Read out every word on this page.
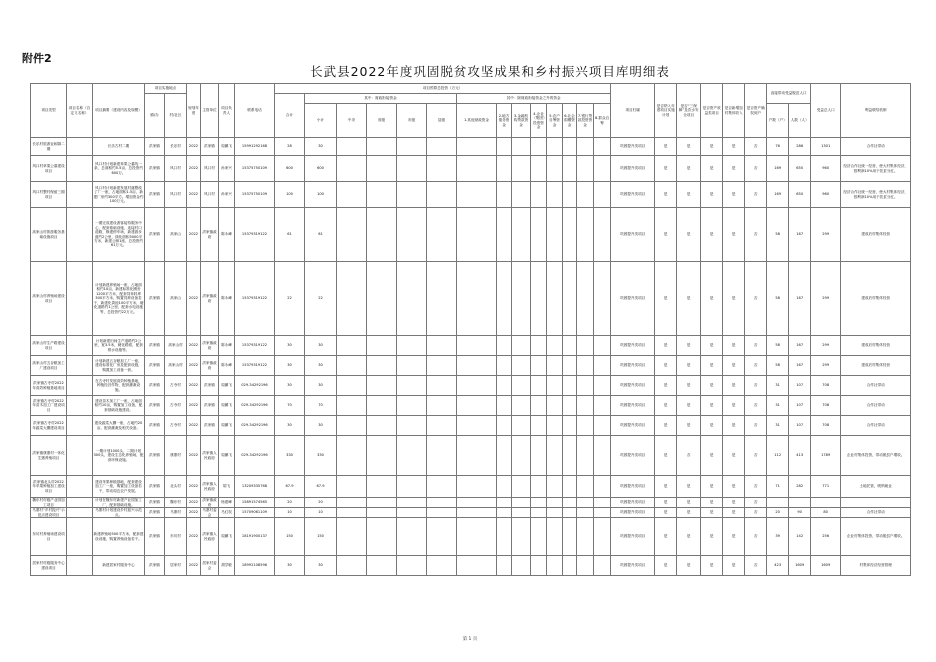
附件2
长武县2022年度巩固脱贫攻坚成果和乡村振兴项目库明细表
项目类型	项目名称（自定义名称）	项目摘要（建设内容及规模）	项目实施地点		规划年度	主管单位	项目负责人	联系电话	项目预算总投资（万元）														项目归属	是否纳入年度项目实施计划	是否“三保障”及饮水安全项目	是否资产收益类项目	是否新增加村集体收入	是否资产确权到户	直接带动受益脱贫人口		受益总人口	利益联结机制
			镇/办	村/社区					合计	其中：财政衔接资金					其中：除财政衔接资金之外的资金																	
										小计	中央	省级	市级	县级	1.其他财政资金	2.地方债务资金	3.金融机构贷款资金	4.企业（集团）投资资金	5.农户自筹资金	6.社会捐赠资金	7.银行贷款投资资金	8.群众自筹							户数（户）	人数（人）		
长乐村旅游业和隔二期		长乐古村二期	洪家镇	长乐村	2022	洪家镇	周鹏飞	15991292168	28	30													巩固提升类项目	是	是	是	是	否	76	286	1301	合作社带动
风口村草果公墓建设项目		风口村计划新建草果公墓线一条，总面积约5.5亩，总投资约600万。	洪家镇	风口村	2022	风口村	孙家兴	15375750109	600	600													巩固提升类项目	是	是	是	是	否	169	650	960	经济合作社统一经营，使大村集体经济，按利润10%用于扶贫分红。
风口村整村保留三期项目		风口村计划新建发展村落整改了厂一座，占地面积1.5亩，新建厂房约300平方。增加资金约100万元。	洪家镇	风口村	2022	风口村	孙家兴	15375750109	100	100													巩固提升类项目	是	是	是	是	否	169	650	960	经济合作社统一经营，使大村集体经济，按利润10%用于扶贫分红。
高家山村旅游服务基础设施项目		一期完成建设游客接待服务中心，配套基础设施，连接村口道路，修建停车场，新建游步道约2公里，绿化面积5000平方米，新建公厕1座，总投资约61万元。	洪家镇	高家山	2022	洪家镇政府	陈永峰	15379319122	61	61													巩固提升类项目	是	是	是	是	否	58	167	299	建成后村集体经营
高家山村养殖场建设项目		计划新建养殖场一座，占地面积约10亩，新建标准化圈舍1200平方米，配套饲草料库300平方米，购置饲养设备若干，新建化粪池100平方米，硬化道路约1公里，配套水电设施等，总投资约22万元。	洪家镇	高家山	2022	洪家镇政府	陈永峰	15379319122	22	22													巩固提升类项目	是	是	是	是	否	58	167	299	建成后村集体经营
高家山村生产路建设项目		计划新建田间生产道路约2公里，宽3.5米，硬化路面，配套排水设施等。	洪家镇	高家山村	2022	洪家镇政府	陈永峰	15379319122	30	30													巩固提升类项目	是	是	是	是	否	58	167	299	建成后村集体经营
高家山村五谷粮加工厂建设项目		计划新建五谷粮加工厂一座，建设标准化厂房及配套设施，购置加工设备一套。	洪家镇	高家山村	2022	洪家镇政府	陈永峰	15379319122	30	30													巩固提升类项目	是	是	是	是	否	58	167	299	建成后村集体经营
洪家镇古寺村2022年高效种植基地项目		在古寺村发展高效种植基地，种植经济作物，配套灌溉设施。	洪家镇	古寺村	2022	洪家镇	周鹏飞	029-34292196	30	30													巩固提升类项目	是	是	是	是	否	31	107	708	合作社带动
洪家镇古寺村2022年苗木加工厂建设项目		建设苗木加工厂一座，占地面积约10亩，购置加工设备，配套基础设施建设。	洪家镇	古寺村	2022	洪家镇	周鹏飞	029-34292196	70	70													巩固提升类项目	是	是	是	是	否	31	107	708	合作社带动
洪家镇古寺村2022年蔬菜大棚建设项目		建设蔬菜大棚一座，占地约20亩，配套灌溉及相关设备。	洪家镇	古寺村	2022	洪家镇	周鹏飞	029-34292196	30	30													巩固提升类项目	是	是	是	是	否	31	107	708	合作社带动
洪家镇康寨村一体化生猪养殖项目		一期计划1000头，二期计划300头，建设生态化养殖场，配套环保设施。	洪家镇	康寨村	2022	洪家镇人民政府	周鹏飞	029-34292196	330	330													巩固提升类项目	是	否	是	是	否	112	413	1789	企业村集体投资，带动脱贫户增收。
洪家镇北头村2022年苹果种植加工建设项目		建设苹果种植基地，配套建设加工厂一座，购置加工设备若干，带动周边农户发展。	洪家镇	北头村	2022	洪家镇人民政府	胡飞	13209335768	67.9	67.9													巩固提升类项目	是	是	是	是	否	71	282	771	土地托管，吸纳就业
魏东村村级产业园加工项目		计划在魏东村新建产业园加工厂，配套基础设施。	洪家镇	魏东村	2022	洪家镇政府	杨建峰	15891574565	20	20													巩固提升类项目	是	是	是	是	否				
马寨村“乡村振兴”示范点建设项目		马寨村计划建设乡村振兴示范点。	洪家镇	马寨村	2022	马寨村委会	马红权	15709061109	10	10													巩固提升类项目	是	是	是	是	否	20	90	80	合作社带动
东坊村养殖场建设项目		新建养殖场500平方米，配套建设设施，购置养殖设备若干。	洪家镇	东坊村	2022	洪家镇人民政府	周鹏飞	18191900137	150	150													巩固提升类项目	是	是	是	是	否	39	142	256	企业村集体投资，带动脱贫户增收。
居家村村级服务中心建设项目		新建居家村服务中心	洪家镇	居家村	2022	居家村委会	胡学敏	18992108596	30	30													巩固提升类项目	是	是	是	是	否	423	1609	1609	村集体经济经营管理
第 1 页
